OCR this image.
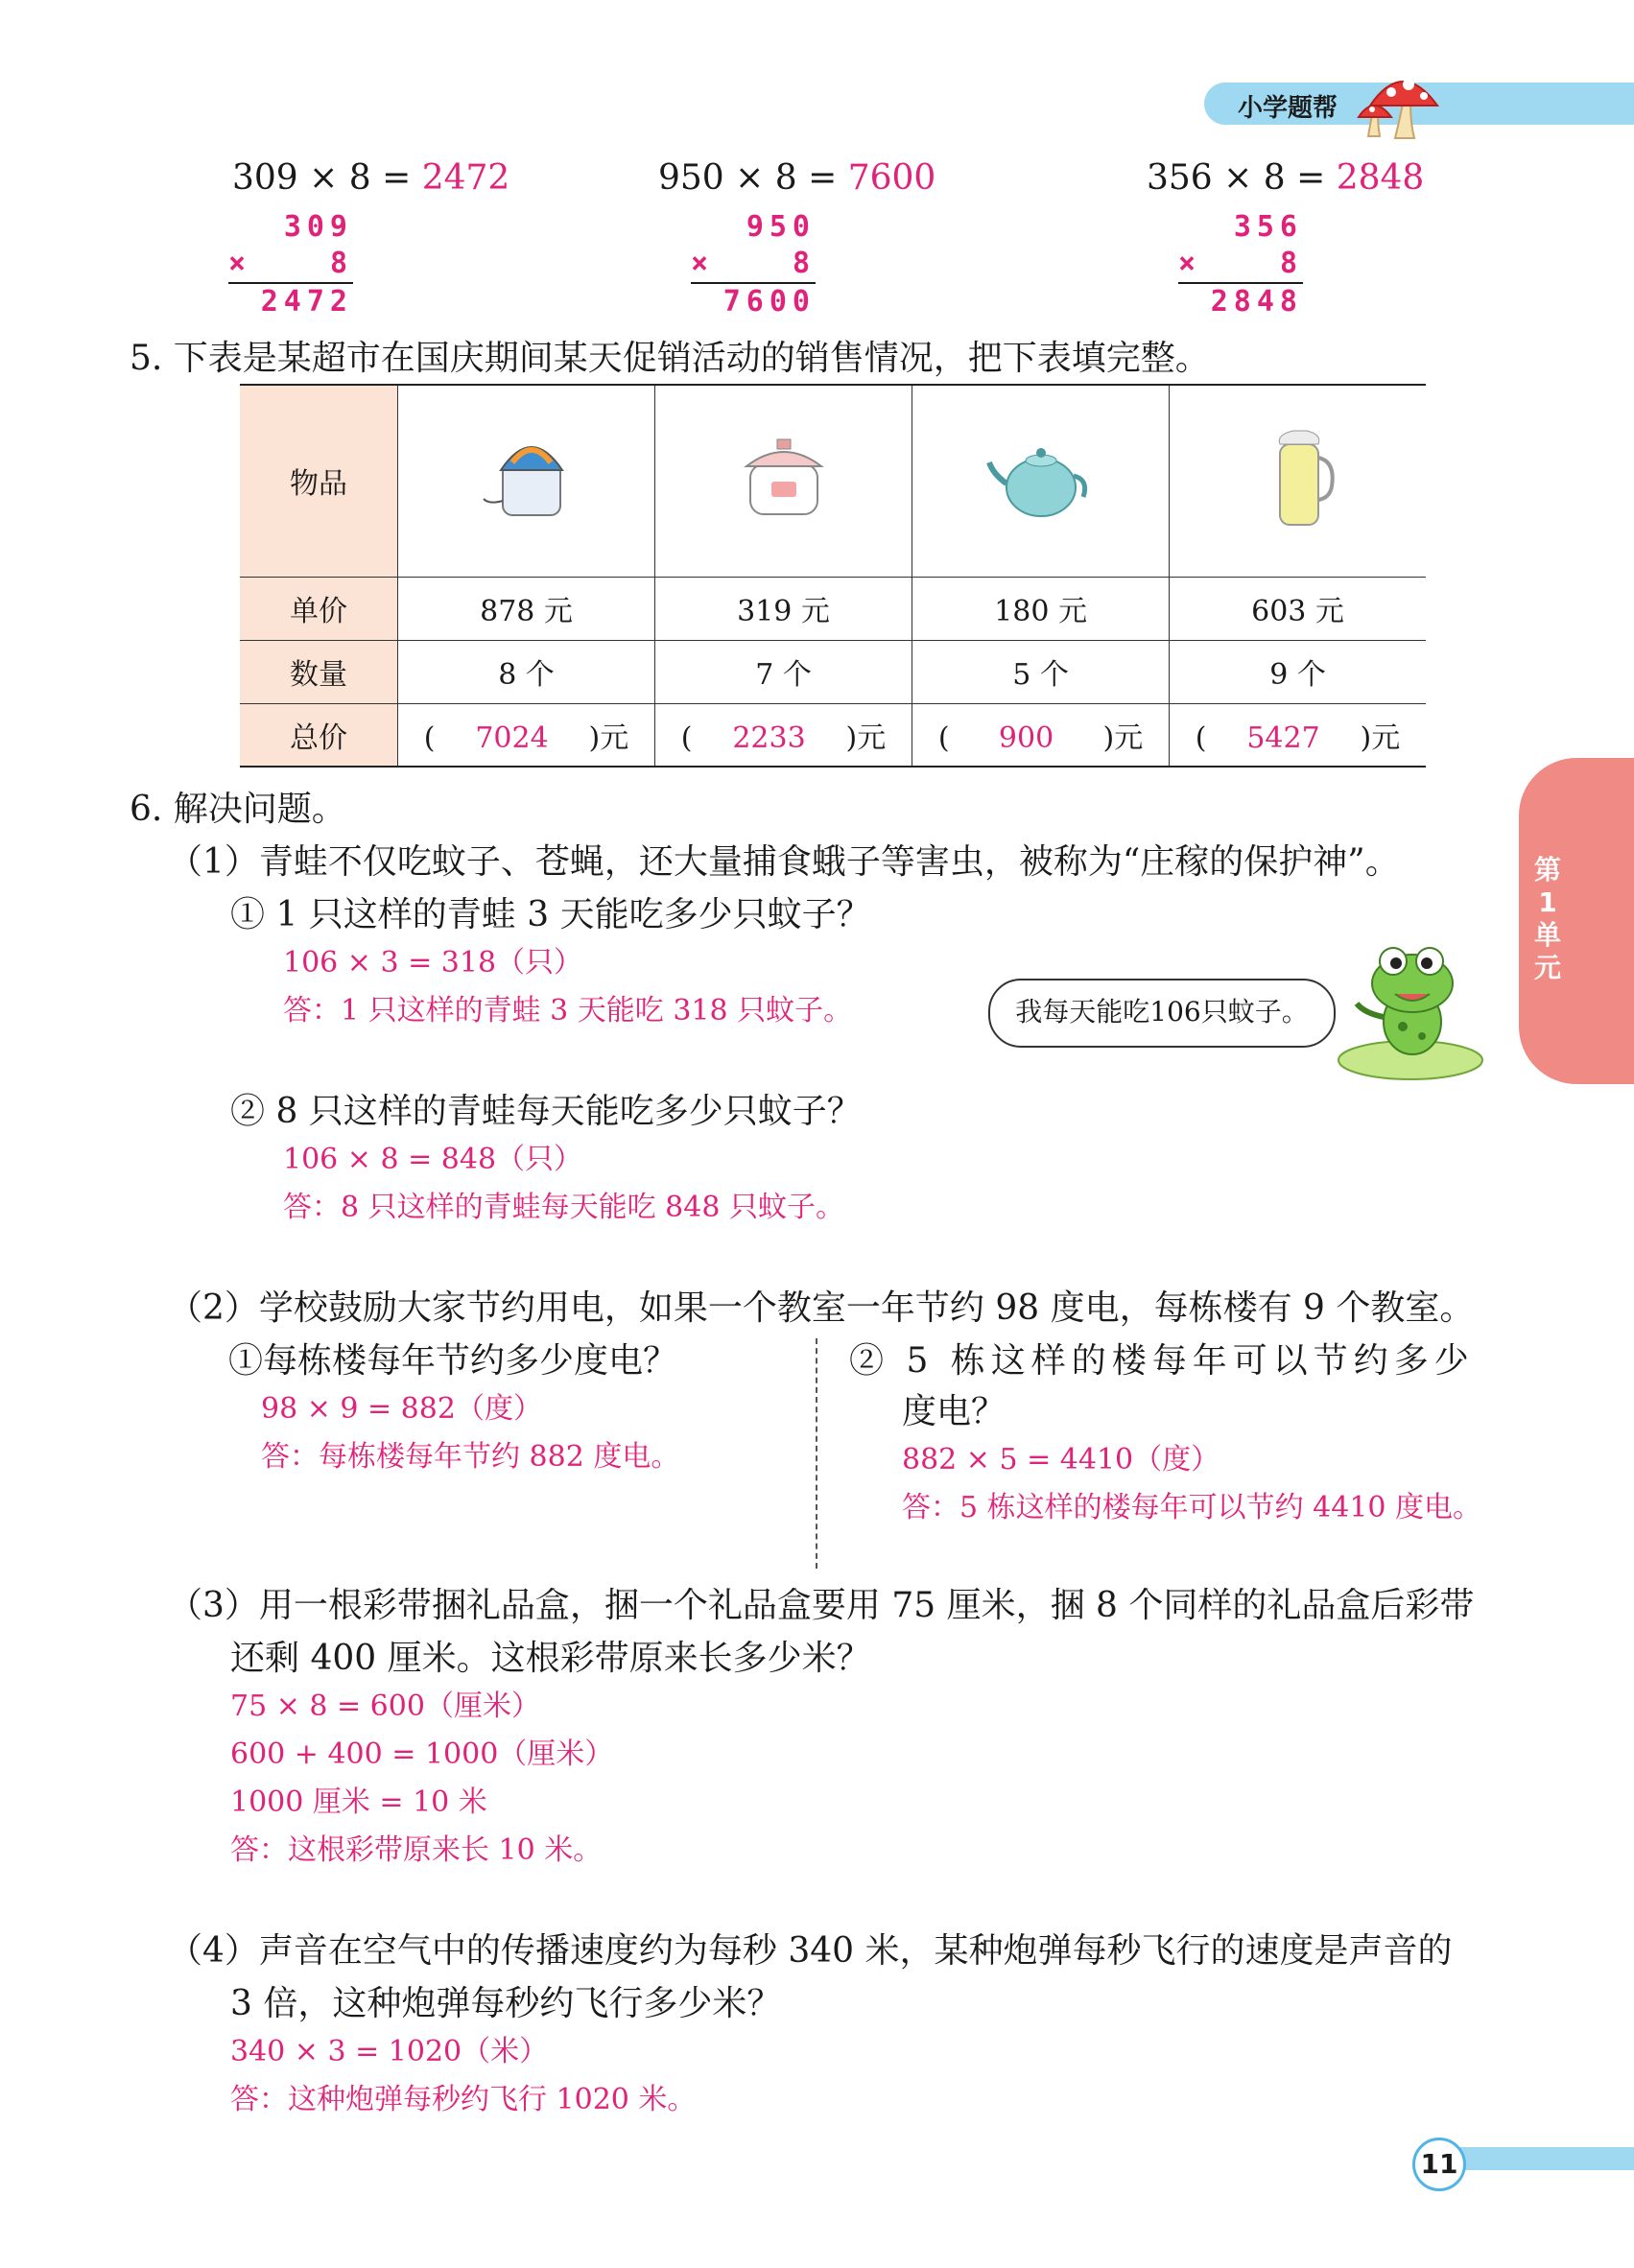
小学题帮
第1单元
309 × 8 = 2472	950 × 8 = 7600	356 × 8 = 2848
309
×	8
2472
950
×	8
7600
356
×	8
2848
5. 下表是某超市在国庆期间某天促销活动的销售情况，把下表填完整。
物品				
单价	878 元	319 元	180 元	603 元
数量	8 个	7 个	5 个	9 个
总价	( 7024 )元	( 2233 )元	( 900 )元	( 5427 )元
6. 解决问题。
（1）青蛙不仅吃蚊子、苍蝇，还大量捕食蛾子等害虫，被称为“庄稼的保护神”。
① 1 只这样的青蛙 3 天能吃多少只蚊子？
106 × 3 = 318（只）
答：1 只这样的青蛙 3 天能吃 318 只蚊子。	我每天能吃106只蚊子。
② 8 只这样的青蛙每天能吃多少只蚊子？
106 × 8 = 848（只）
答：8 只这样的青蛙每天能吃 848 只蚊子。
（2）学校鼓励大家节约用电，如果一个教室一年节约 98 度电，每栋楼有 9 个教室。
①每栋楼每年节约多少度电？
98 × 9 = 882（度）
答：每栋楼每年节约 882 度电。
② 5 栋这样的楼每年可以节约多少
度电？
882 × 5 = 4410（度）
答：5 栋这样的楼每年可以节约 4410 度电。
（3）用一根彩带捆礼品盒，捆一个礼品盒要用 75 厘米，捆 8 个同样的礼品盒后彩带
还剩 400 厘米。这根彩带原来长多少米？
75 × 8 = 600（厘米）
600 + 400 = 1000（厘米）
1000 厘米 = 10 米
答：这根彩带原来长 10 米。
（4）声音在空气中的传播速度约为每秒 340 米，某种炮弹每秒飞行的速度是声音的
3 倍，这种炮弹每秒约飞行多少米？
340 × 3 = 1020（米）
答：这种炮弹每秒约飞行 1020 米。
11
